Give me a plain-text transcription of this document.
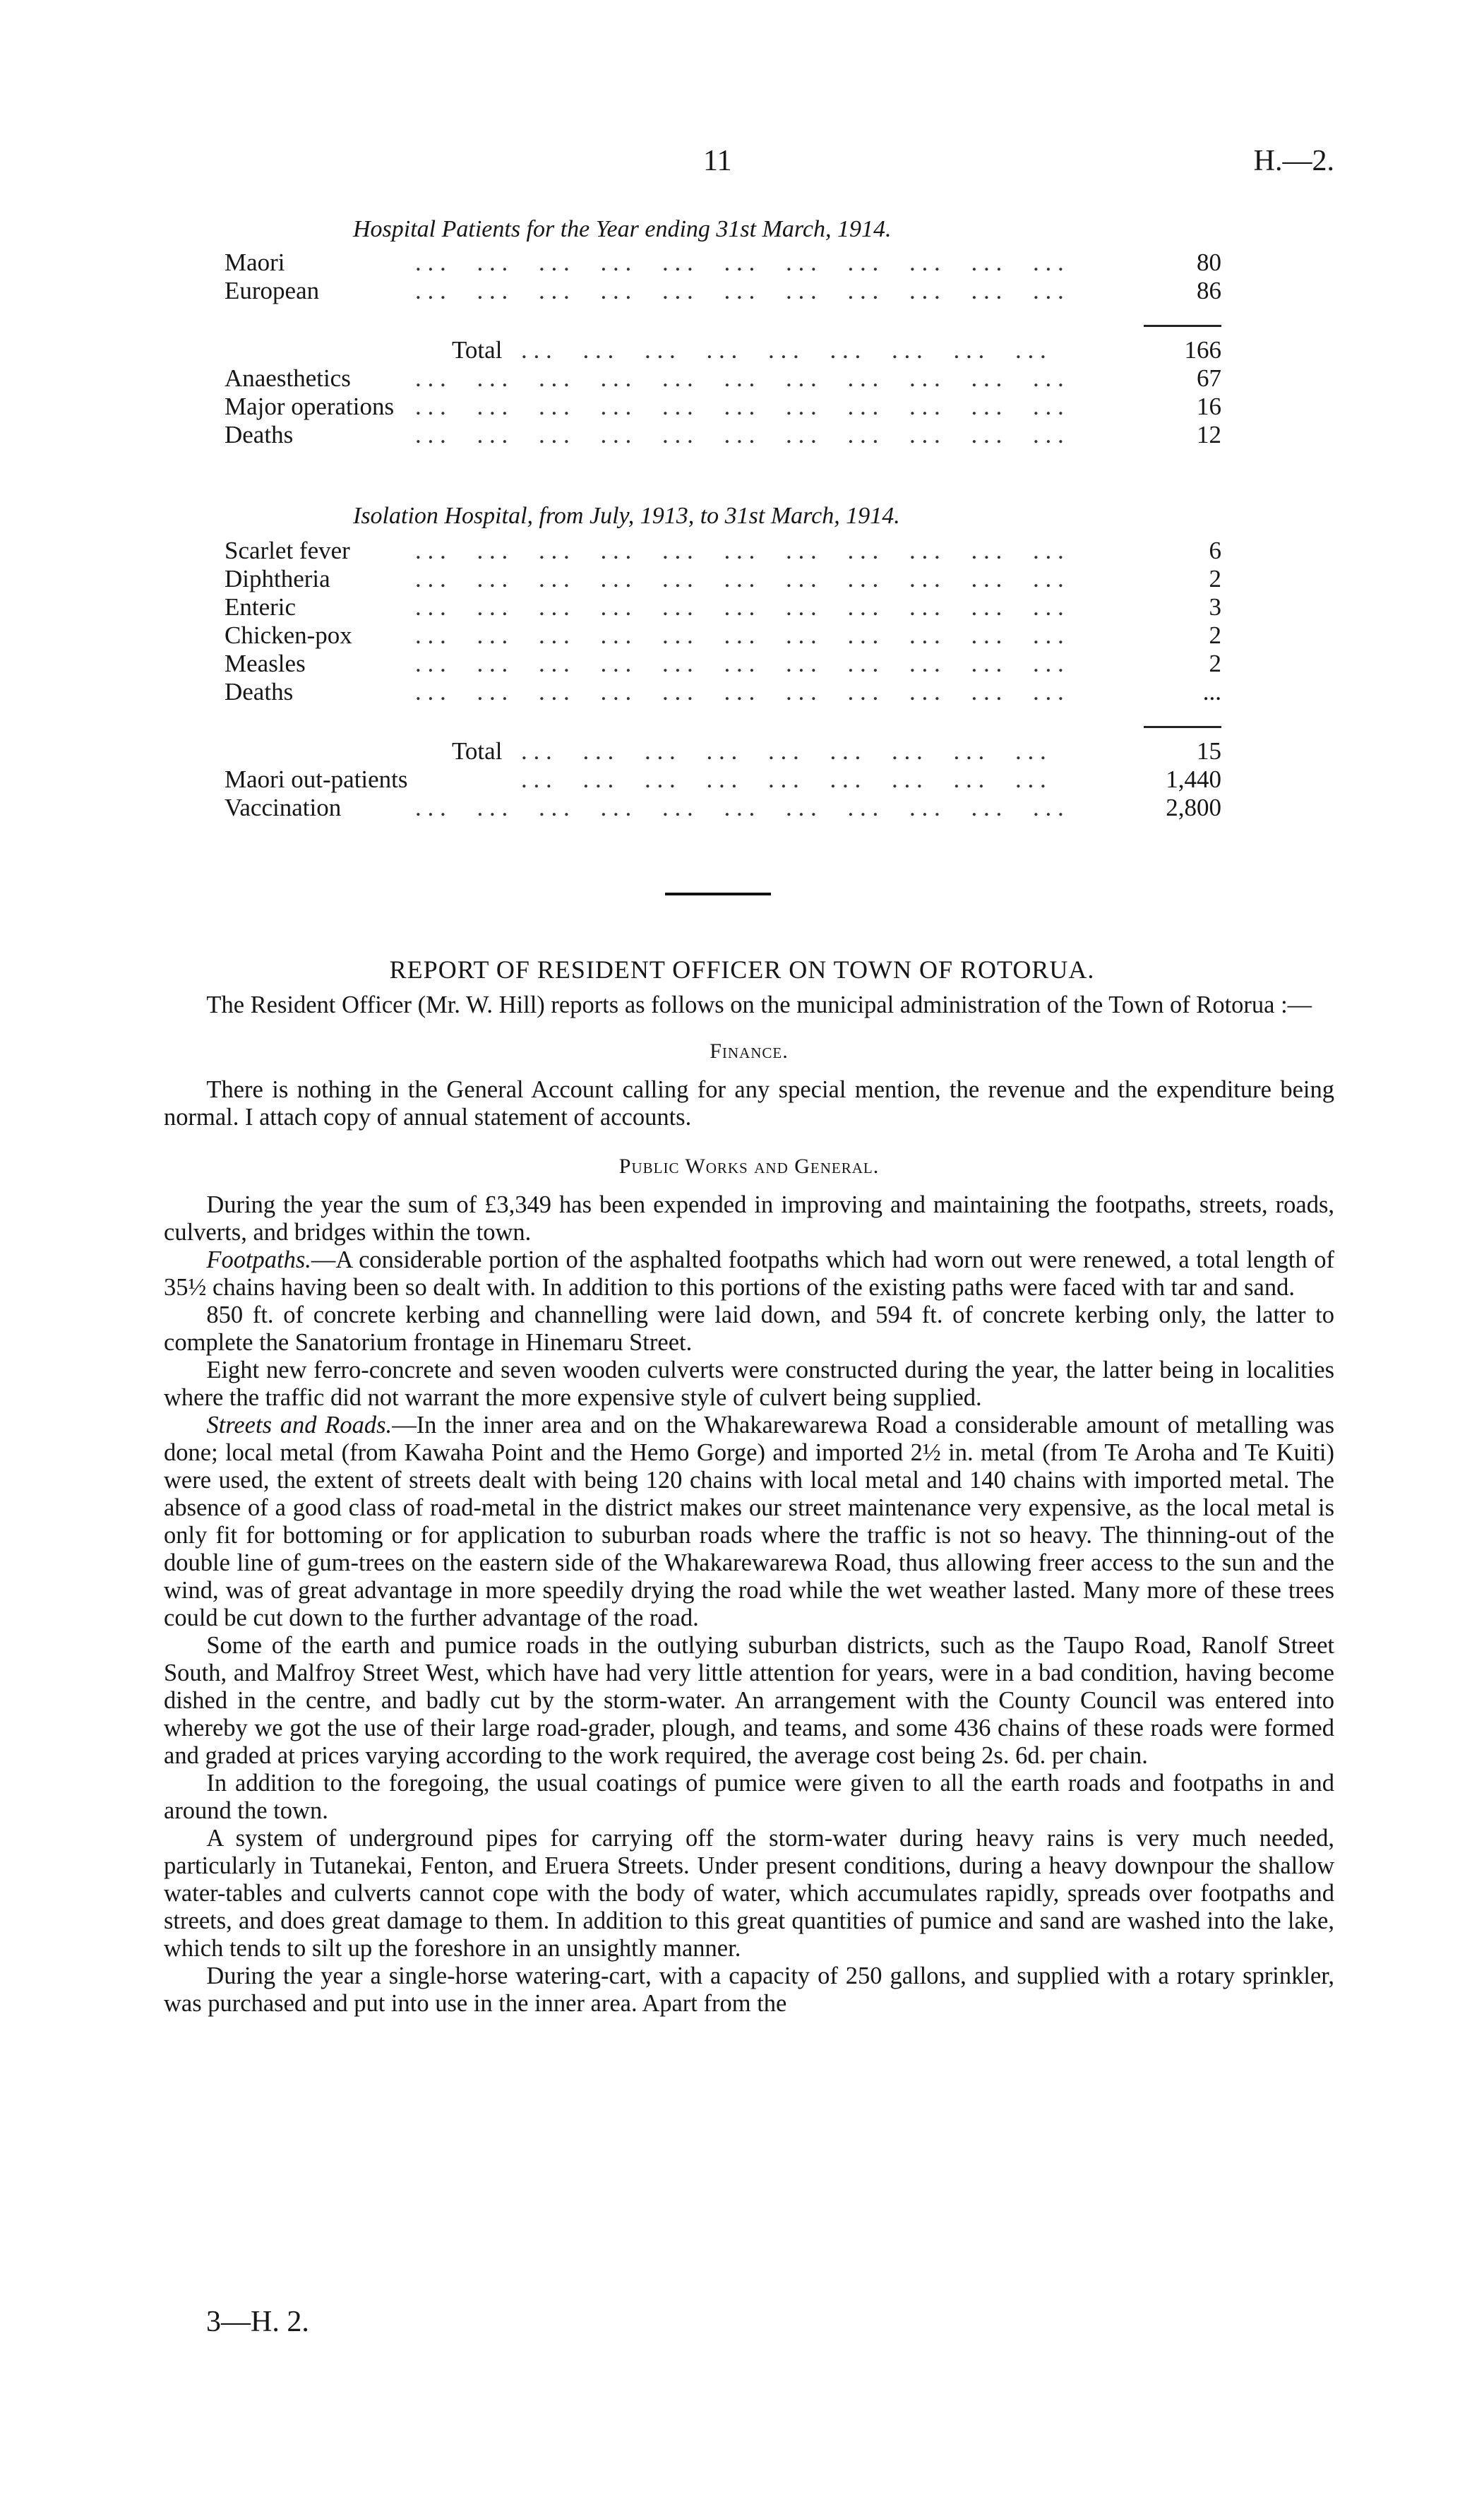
11	H.—2.
Hospital Patients for the Year ending 31st March, 1914.
. . .     . . .     . . .     . . .     . . .     . . .     . . .     . . .     . . .     . . .     . . .
Maori	80
. . .     . . .     . . .     . . .     . . .     . . .     . . .     . . .     . . .     . . .     . . .
European	86
. . .     . . .     . . .     . . .     . . .     . . .     . . .     . . .     . . .
Total	166
. . .     . . .     . . .     . . .     . . .     . . .     . . .     . . .     . . .     . . .     . . .
Anaesthetics	67
. . .     . . .     . . .     . . .     . . .     . . .     . . .     . . .     . . .     . . .     . . .
Major operations	16
. . .     . . .     . . .     . . .     . . .     . . .     . . .     . . .     . . .     . . .     . . .
Deaths	12
Isolation Hospital, from July, 1913, to 31st March, 1914.
. . .     . . .     . . .     . . .     . . .     . . .     . . .     . . .     . . .     . . .     . . .
Scarlet fever	6
. . .     . . .     . . .     . . .     . . .     . . .     . . .     . . .     . . .     . . .     . . .
Diphtheria	2
. . .     . . .     . . .     . . .     . . .     . . .     . . .     . . .     . . .     . . .     . . .
Enteric	3
. . .     . . .     . . .     . . .     . . .     . . .     . . .     . . .     . . .     . . .     . . .
Chicken-pox	2
. . .     . . .     . . .     . . .     . . .     . . .     . . .     . . .     . . .     . . .     . . .
Measles	2
. . .     . . .     . . .     . . .     . . .     . . .     . . .     . . .     . . .     . . .     . . .
Deaths	...
. . .     . . .     . . .     . . .     . . .     . . .     . . .     . . .     . . .
Total	15
. . .     . . .     . . .     . . .     . . .     . . .     . . .     . . .     . . .
Maori out-patients	1,440
. . .     . . .     . . .     . . .     . . .     . . .     . . .     . . .     . . .     . . .     . . .
Vaccination	2,800
REPORT OF RESIDENT OFFICER ON TOWN OF ROTORUA.

The Resident Officer (Mr. W. Hill) reports as follows on the municipal administration of the Town of Rotorua :—

Finance.

There is nothing in the General Account calling for any special mention, the revenue and the expenditure being normal. I attach copy of annual statement of accounts.

Public Works and General.

During the year the sum of £3,349 has been expended in improving and maintaining the footpaths, streets, roads, culverts, and bridges within the town.

Footpaths.—A considerable portion of the asphalted footpaths which had worn out were renewed, a total length of 35½ chains having been so dealt with. In addition to this portions of the existing paths were faced with tar and sand.

850 ft. of concrete kerbing and channelling were laid down, and 594 ft. of concrete kerbing only, the latter to complete the Sanatorium frontage in Hinemaru Street.

Eight new ferro-concrete and seven wooden culverts were constructed during the year, the latter being in localities where the traffic did not warrant the more expensive style of culvert being supplied.

Streets and Roads.—In the inner area and on the Whakarewarewa Road a considerable amount of metalling was done; local metal (from Kawaha Point and the Hemo Gorge) and imported 2½ in. metal (from Te Aroha and Te Kuiti) were used, the extent of streets dealt with being 120 chains with local metal and 140 chains with imported metal. The absence of a good class of road-metal in the district makes our street maintenance very expensive, as the local metal is only fit for bottoming or for application to suburban roads where the traffic is not so heavy. The thinning-out of the double line of gum-trees on the eastern side of the Whakarewarewa Road, thus allowing freer access to the sun and the wind, was of great advantage in more speedily drying the road while the wet weather lasted. Many more of these trees could be cut down to the further advantage of the road.

Some of the earth and pumice roads in the outlying suburban districts, such as the Taupo Road, Ranolf Street South, and Malfroy Street West, which have had very little attention for years, were in a bad condition, having become dished in the centre, and badly cut by the storm-water. An arrangement with the County Council was entered into whereby we got the use of their large road-grader, plough, and teams, and some 436 chains of these roads were formed and graded at prices varying according to the work required, the average cost being 2s. 6d. per chain.

In addition to the foregoing, the usual coatings of pumice were given to all the earth roads and footpaths in and around the town.

A system of underground pipes for carrying off the storm-water during heavy rains is very much needed, particularly in Tutanekai, Fenton, and Eruera Streets. Under present conditions, during a heavy downpour the shallow water-tables and culverts cannot cope with the body of water, which accumulates rapidly, spreads over footpaths and streets, and does great damage to them. In addition to this great quantities of pumice and sand are washed into the lake, which tends to silt up the foreshore in an unsightly manner.

During the year a single-horse watering-cart, with a capacity of 250 gallons, and supplied with a rotary sprinkler, was purchased and put into use in the inner area. Apart from the

3—H. 2.
